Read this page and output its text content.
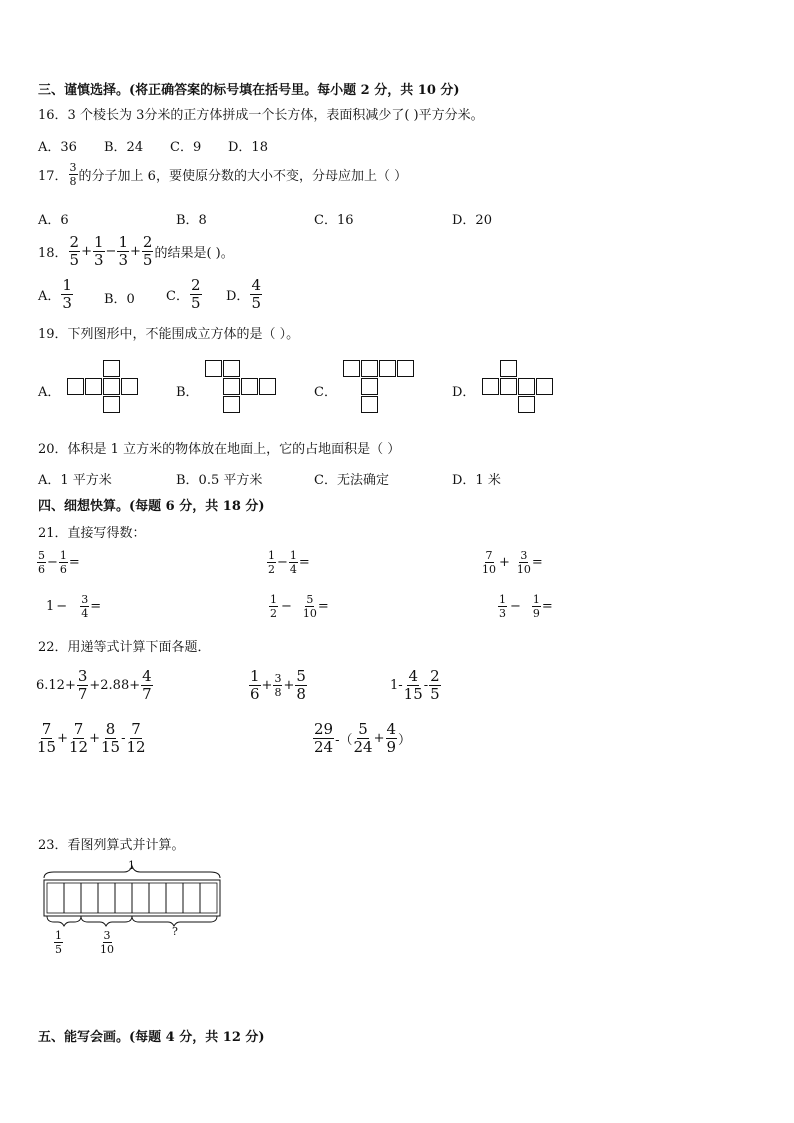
三、谨慎选择。(将正确答案的标号填在括号里。每小题 2 分，共 10 分)
16．3 个棱长为 3分米的正方体拼成一个长方体，表面积减少了( )平方分米。
A．36 B．24 C．9 D．18
17． $\frac{3}{8}$ 的分子加上 6，要使原分数的大小不变，分母应加上（ ）
A．6	B．8	C．16	D．20
18． $\frac{2}{5} + \frac{1}{3} - \frac{1}{3} + \frac{2}{5}$ 的结果是( )。
A． $\frac{1}{3}$ B．0 C． $\frac{2}{5}$ D． $\frac{4}{5}$
19．下列图形中，不能围成立方体的是（ ）。
A．	B．	C．	D．
20．体积是 1 立方米的物体放在地面上，它的占地面积是（ ）
A．1 平方米	B．0.5 平方米	C．无法确定	D．1 米
四、细想快算。(每题 6 分，共 18 分)
21．直接写得数：
$\frac{5}{6} - \frac{1}{6}$ =	$\frac{1}{2} - \frac{1}{4}$ =	$\frac{7}{10} + \frac{3}{10}$ =
$1 - \frac{3}{4}$ =	$\frac{1}{2} - \frac{5}{10}$ =	$\frac{1}{3} - \frac{1}{9}$ =
22．用递等式计算下面各题．
$6.12+ \frac{3}{7} +2.88+ \frac{4}{7}$	$\frac{1}{6} + \frac{3}{8} + \frac{5}{8}$	$1- \frac{4}{15} - \frac{2}{5}$
$\frac{7}{15} + \frac{7}{12} + \frac{8}{15} - \frac{7}{12}$	$\frac{29}{24}$ -（ $\frac{5}{24} + \frac{4}{9}$ ）
23．看图列算式并计算。
1
$\frac{1}{5}$	$\frac{3}{10}$	?
五、能写会画。(每题 4 分，共 12 分)
